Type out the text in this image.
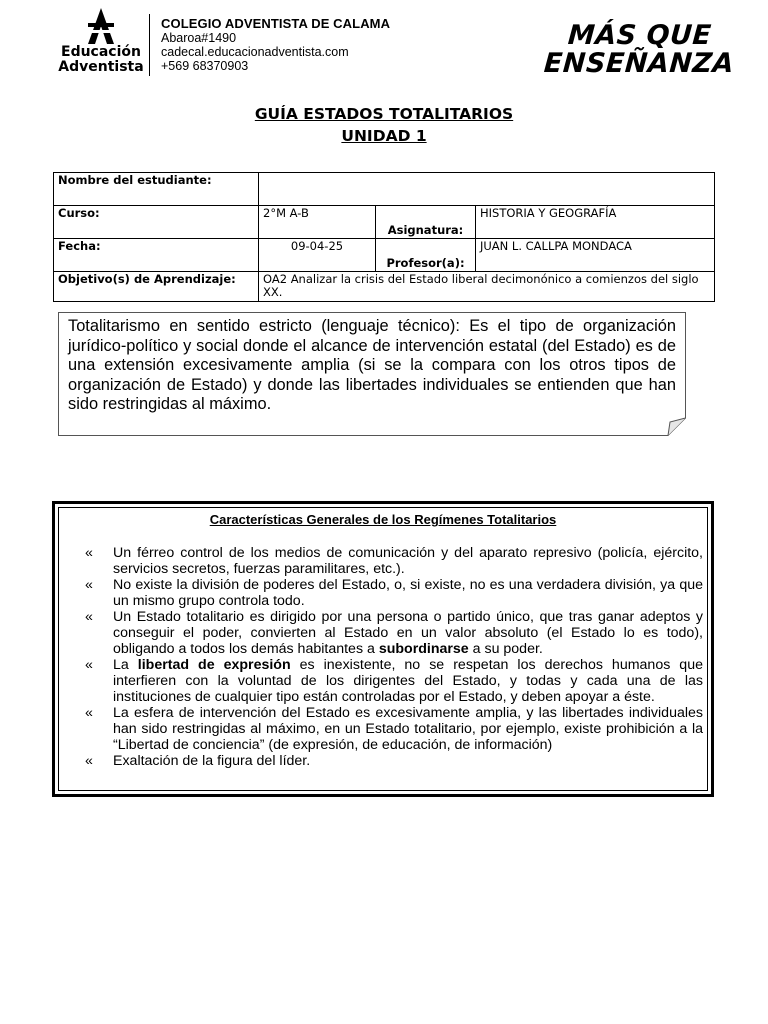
Educación
Adventista
COLEGIO ADVENTISTA DE CALAMA
Abaroa#1490
cadecal.educacionadventista.com
+569 68370903
MÁS QUE
ENSEÑANZA
GUÍA ESTADOS TOTALITARIOS
UNIDAD 1
Nombre del estudiante:			
Curso:	2°M A-B	Asignatura:	HISTORIA Y GEOGRAFÍA
Fecha:	09-04-25	Profesor(a):	JUAN L. CALLPA MONDACA
Objetivo(s) de Aprendizaje:	OA2 Analizar la crisis del Estado liberal decimonónico a comienzos del siglo XX.		
Totalitarismo en sentido estricto (lenguaje técnico): Es el tipo de organización jurídico-político y social donde el alcance de intervención estatal (del Estado) es de una extensión excesivamente amplia (si se la compara con los otros tipos de organización de Estado) y donde las libertades individuales se entienden que han sido restringidas al máximo.
Características Generales de los Regímenes Totalitarios
« Un férreo control de los medios de comunicación y del aparato represivo (policía, ejército, servicios secretos, fuerzas paramilitares, etc.).
« No existe la división de poderes del Estado, o, si existe, no es una verdadera división, ya que un mismo grupo controla todo.
« Un Estado totalitario es dirigido por una persona o partido único, que tras ganar adeptos y conseguir el poder, convierten al Estado en un valor absoluto (el Estado lo es todo), obligando a todos los demás habitantes a subordinarse a su poder.
« La libertad de expresión es inexistente, no se respetan los derechos humanos que interfieren con la voluntad de los dirigentes del Estado, y todas y cada una de las instituciones de cualquier tipo están controladas por el Estado, y deben apoyar a éste.
« La esfera de intervención del Estado es excesivamente amplia, y las libertades individuales han sido restringidas al máximo, en un Estado totalitario, por ejemplo, existe prohibición a la “Libertad de conciencia” (de expresión, de educación, de información)
« Exaltación de la figura del líder.
